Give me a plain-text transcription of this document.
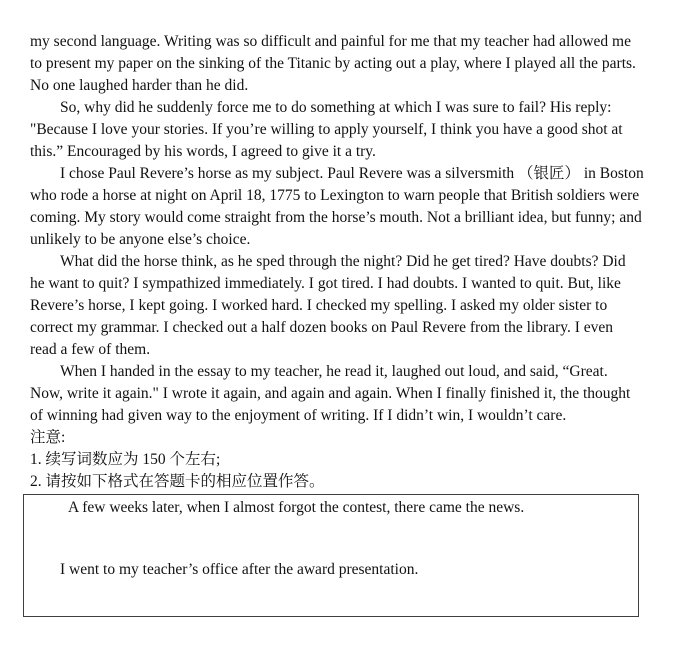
my second language. Writing was so difficult and painful for me that my teacher had allowed me
to present my paper on the sinking of the Titanic by acting out a play, where I played all the parts.
No one laughed harder than he did.
So, why did he suddenly force me to do something at which I was sure to fail? His reply:
"Because I love your stories. If you’re willing to apply yourself, I think you have a good shot at
this.” Encouraged by his words, I agreed to give it a try.
I chose Paul Revere’s horse as my subject. Paul Revere was a silversmith （银匠） in Boston
who rode a horse at night on April 18, 1775 to Lexington to warn people that British soldiers were
coming. My story would come straight from the horse’s mouth. Not a brilliant idea, but funny; and
unlikely to be anyone else’s choice.
What did the horse think, as he sped through the night? Did he get tired? Have doubts? Did
he want to quit? I sympathized immediately. I got tired. I had doubts. I wanted to quit. But, like
Revere’s horse, I kept going. I worked hard. I checked my spelling. I asked my older sister to
correct my grammar. I checked out a half dozen books on Paul Revere from the library. I even
read a few of them.
When I handed in the essay to my teacher, he read it, laughed out loud, and said, “Great.
Now, write it again." I wrote it again, and again and again. When I finally finished it, the thought
of winning had given way to the enjoyment of writing. If I didn’t win, I wouldn’t care.
注意:
1. 续写词数应为 150 个左右;
2. 请按如下格式在答题卡的相应位置作答。
A few weeks later, when I almost forgot the contest, there came the news.
I went to my teacher’s office after the award presentation.
